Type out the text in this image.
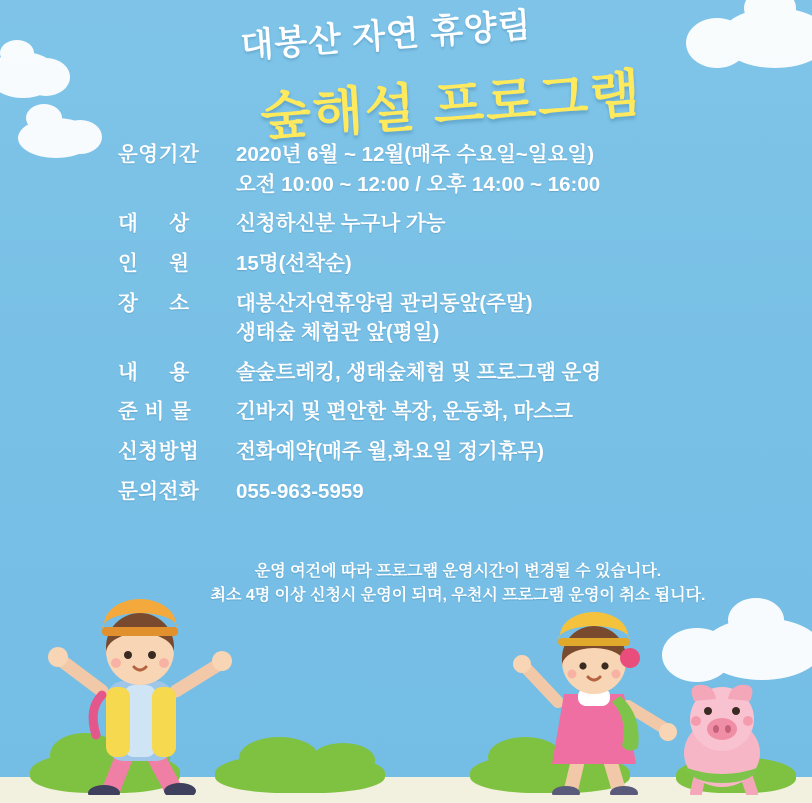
대봉산 자연 휴양림
숲해설 프로그램
운영기간	2020년 6월 ~ 12월(매주 수요일~일요일)
오전 10:00 ~ 12:00 / 오후 14:00 ~ 16:00
대     상	신청하신분 누구나 가능
인     원	15명(선착순)
장     소	대봉산자연휴양림 관리동앞(주말)
생태숲 체험관 앞(평일)
내     용	솔숲트레킹, 생태숲체험 및 프로그램 운영
준 비 물	긴바지 및 편안한 복장, 운동화, 마스크
신청방법	전화예약(매주 월,화요일 정기휴무)
문의전화	055-963-5959
운영 여건에 따라 프로그램 운영시간이 변경될 수 있습니다.
최소 4명 이상 신청시 운영이 되며, 우천시 프로그램 운영이 취소 됩니다.
